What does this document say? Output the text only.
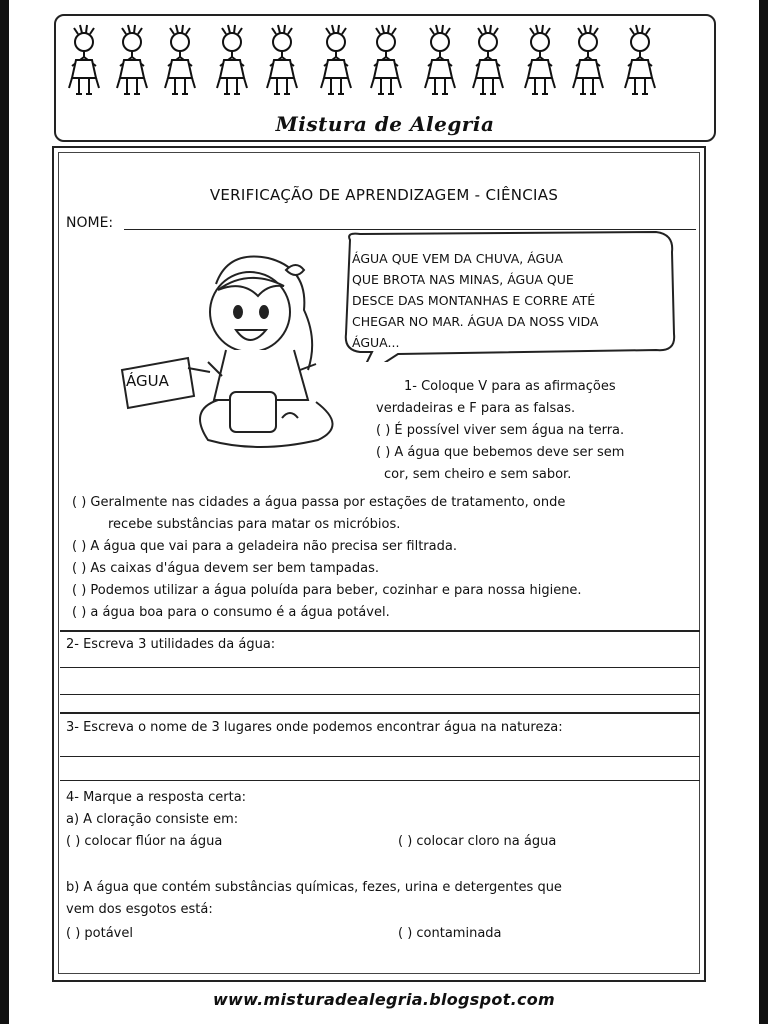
Mistura de Alegria
VERIFICAÇÃO DE APRENDIZAGEM - CIÊNCIAS
NOME:
ÁGUA QUE VEM DA CHUVA, ÁGUA
QUE BROTA NAS MINAS, ÁGUA QUE
DESCE DAS MONTANHAS E CORRE ATÉ
CHEGAR NO MAR. ÁGUA DA NOSS VIDA
ÁGUA...
ÁGUA	1- Coloque V para as afirmações
verdadeiras e F para as falsas.
( ) É possível viver sem água na terra.
( ) A água que bebemos deve ser sem
cor, sem cheiro e sem sabor.
( ) Geralmente nas cidades a água passa por estações de tratamento, onde
recebe substâncias para matar os micróbios.
( ) A água que vai para a geladeira não precisa ser filtrada.
( ) As caixas d'água devem ser bem tampadas.
( ) Podemos utilizar a água poluída para beber, cozinhar e para nossa higiene.
( ) a água boa para o consumo é a água potável.
2- Escreva 3 utilidades da água:
3- Escreva o nome de 3 lugares onde podemos encontrar água na natureza:
4- Marque a resposta certa:
a) A cloração consiste em:
( ) colocar flúor na água	( ) colocar cloro na água
b) A água que contém substâncias químicas, fezes, urina e detergentes que
vem dos esgotos está:
( ) potável	( ) contaminada
www.misturadealegria.blogspot.com
